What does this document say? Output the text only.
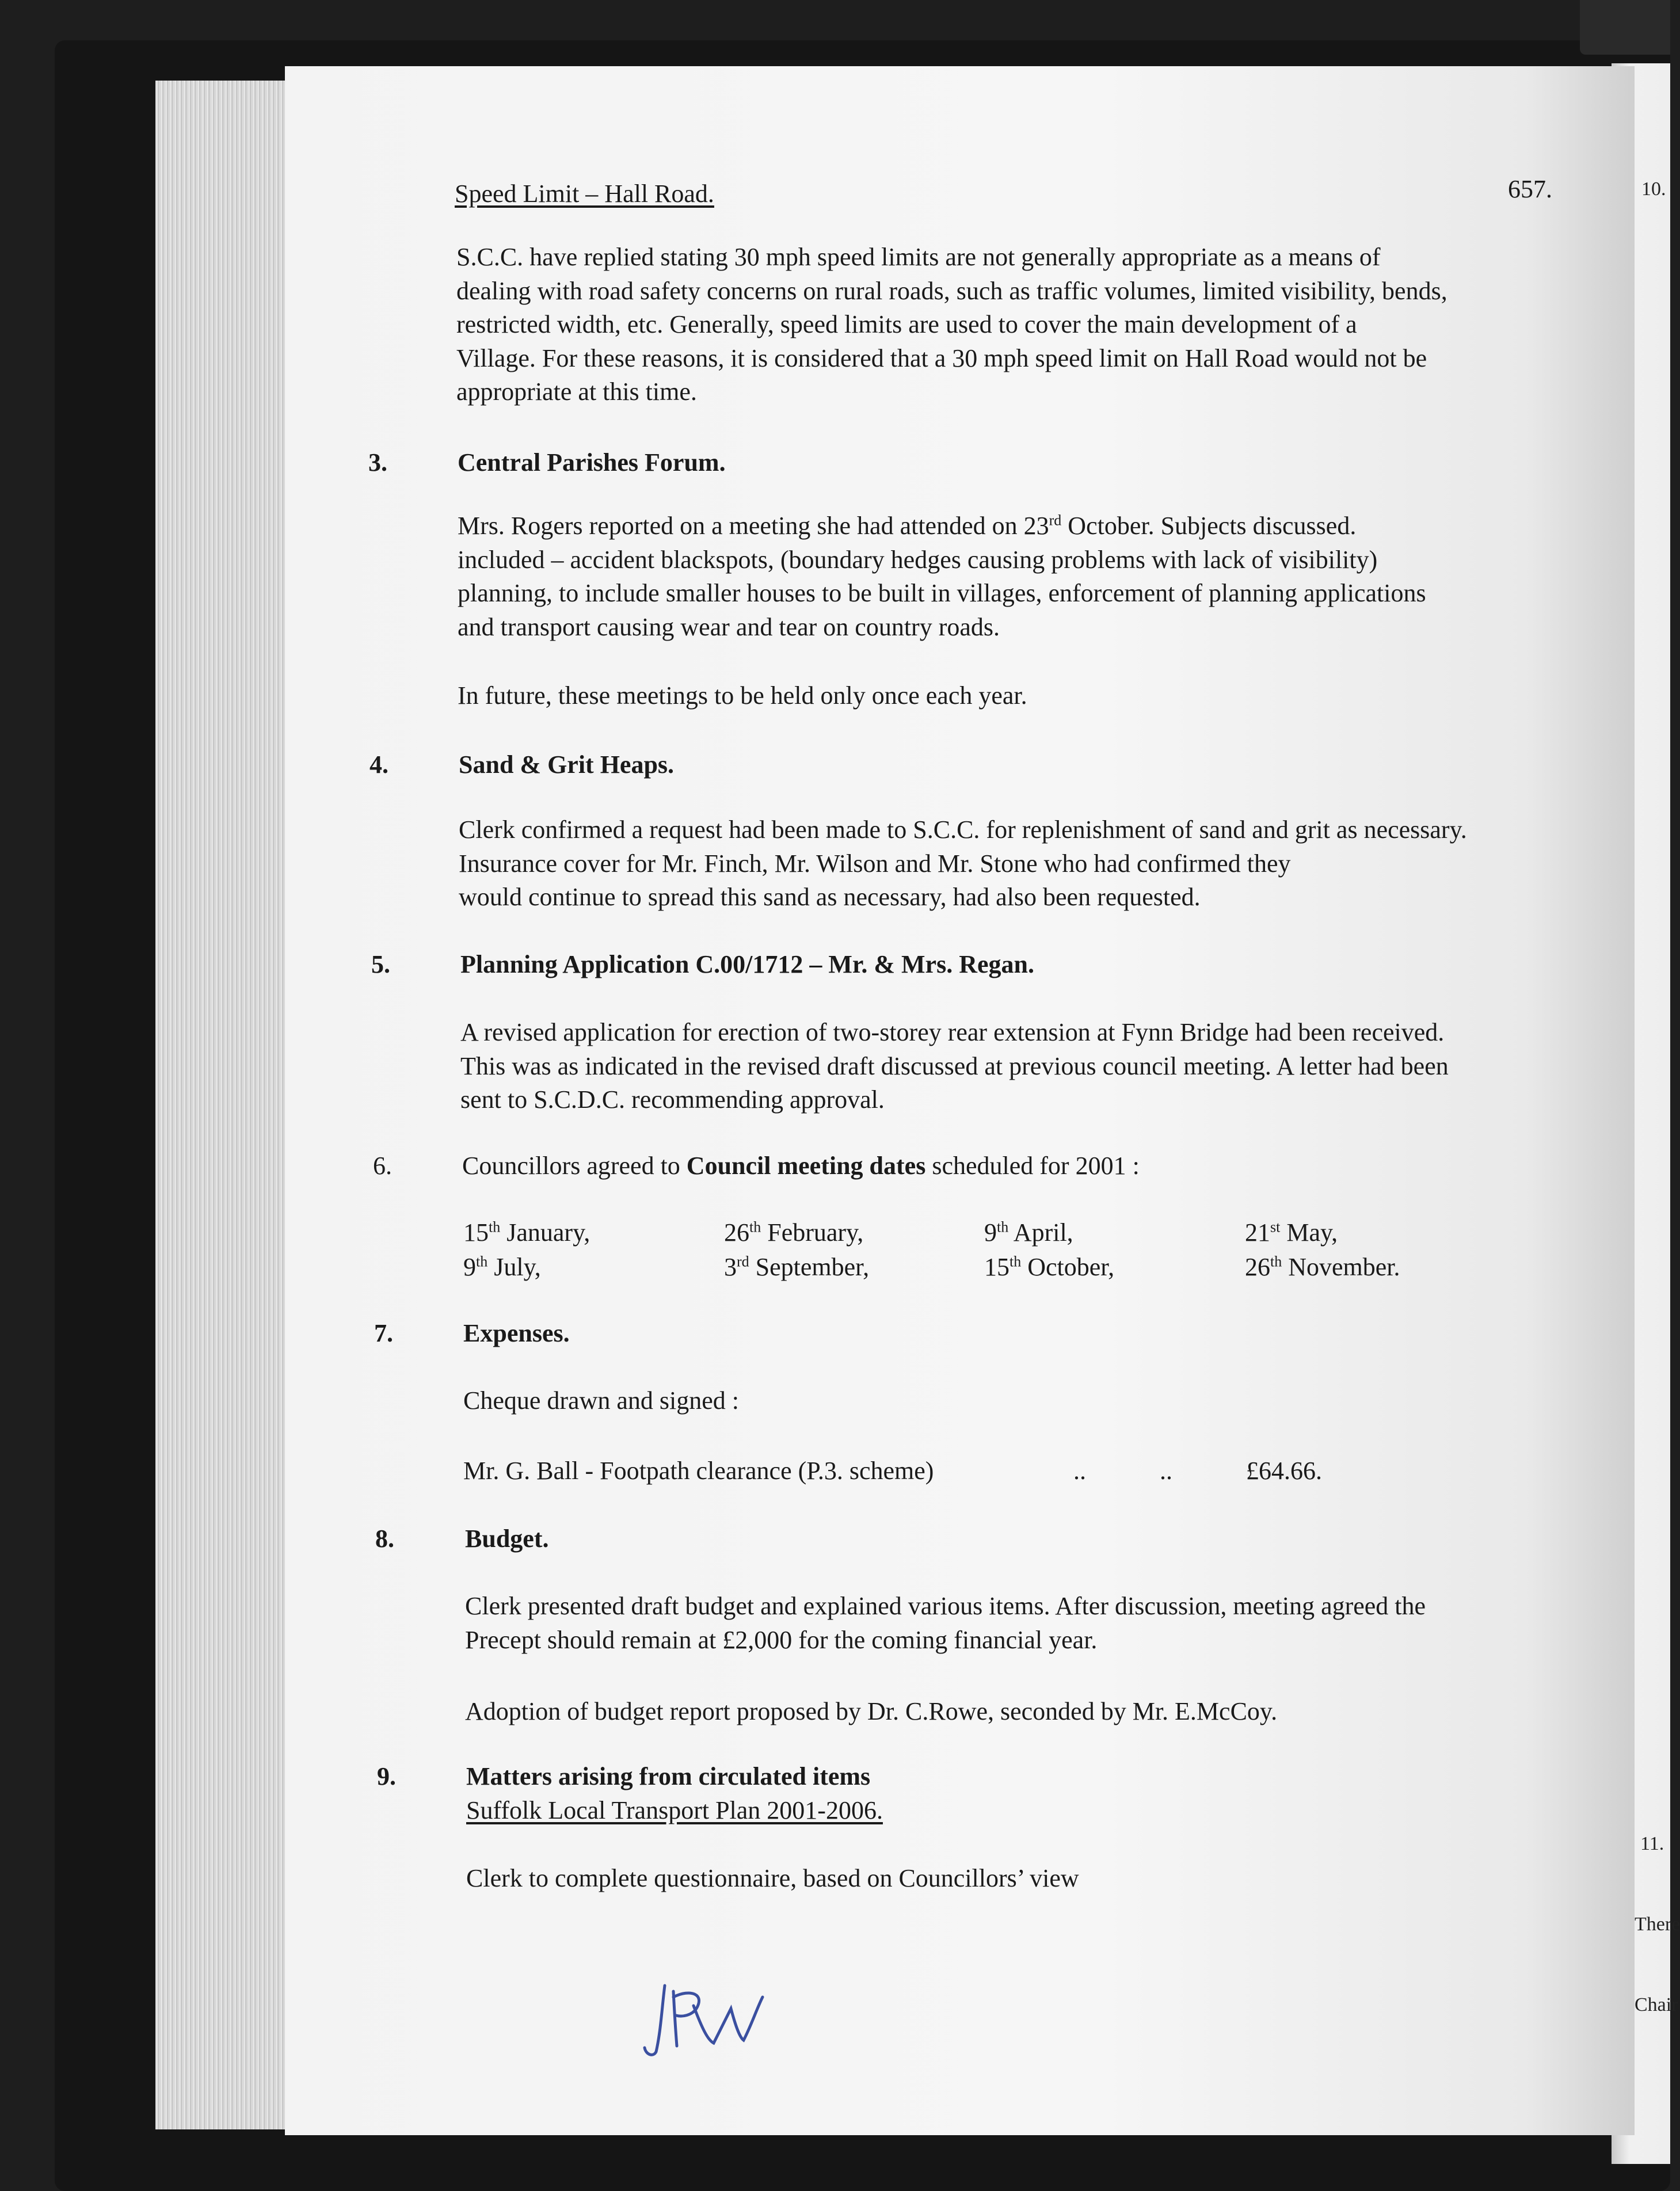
10.
11.
There
Chair
Speed Limit – Hall Road.	657.
S.C.C. have replied stating 30 mph speed limits are not generally appropriate as a means of
dealing with road safety concerns on rural roads, such as traffic volumes, limited visibility, bends,
restricted width, etc. Generally, speed limits are used to cover the main development of a
Village. For these reasons, it is considered that a 30 mph speed limit on Hall Road would not be
appropriate at this time.
3.	Central Parishes Forum.
Mrs. Rogers reported on a meeting she had attended on 23rd October. Subjects discussed.
included – accident blackspots, (boundary hedges causing problems with lack of visibility)
planning, to include smaller houses to be built in villages, enforcement of planning applications
and transport causing wear and tear on country roads.
In future, these meetings to be held only once each year.
4.	Sand & Grit Heaps.
Clerk confirmed a request had been made to S.C.C. for replenishment of sand and grit as necessary.
Insurance cover for Mr. Finch, Mr. Wilson and Mr. Stone who had confirmed they
would continue to spread this sand as necessary, had also been requested.
5.	Planning Application C.00/1712 – Mr. & Mrs. Regan.
A revised application for erection of two-storey rear extension at Fynn Bridge had been received.
This was as indicated in the revised draft discussed at previous council meeting. A letter had been
sent to S.C.D.C. recommending approval.
6.	Councillors agreed to Council meeting dates scheduled for 2001 :
15th January,	26th February,	9th April,	21st May,
9th July,	3rd September,	15th October,	26th November.
7.	Expenses.
Cheque drawn and signed :
Mr. G. Ball - Footpath clearance (P.3. scheme)	..	..	£64.66.
8.	Budget.
Clerk presented draft budget and explained various items. After discussion, meeting agreed the
Precept should remain at £2,000 for the coming financial year.
Adoption of budget report proposed by Dr. C.Rowe, seconded by Mr. E.McCoy.
9.	Matters arising from circulated items
Suffolk Local Transport Plan 2001-2006.
Clerk to complete questionnaire, based on Councillors’ view
